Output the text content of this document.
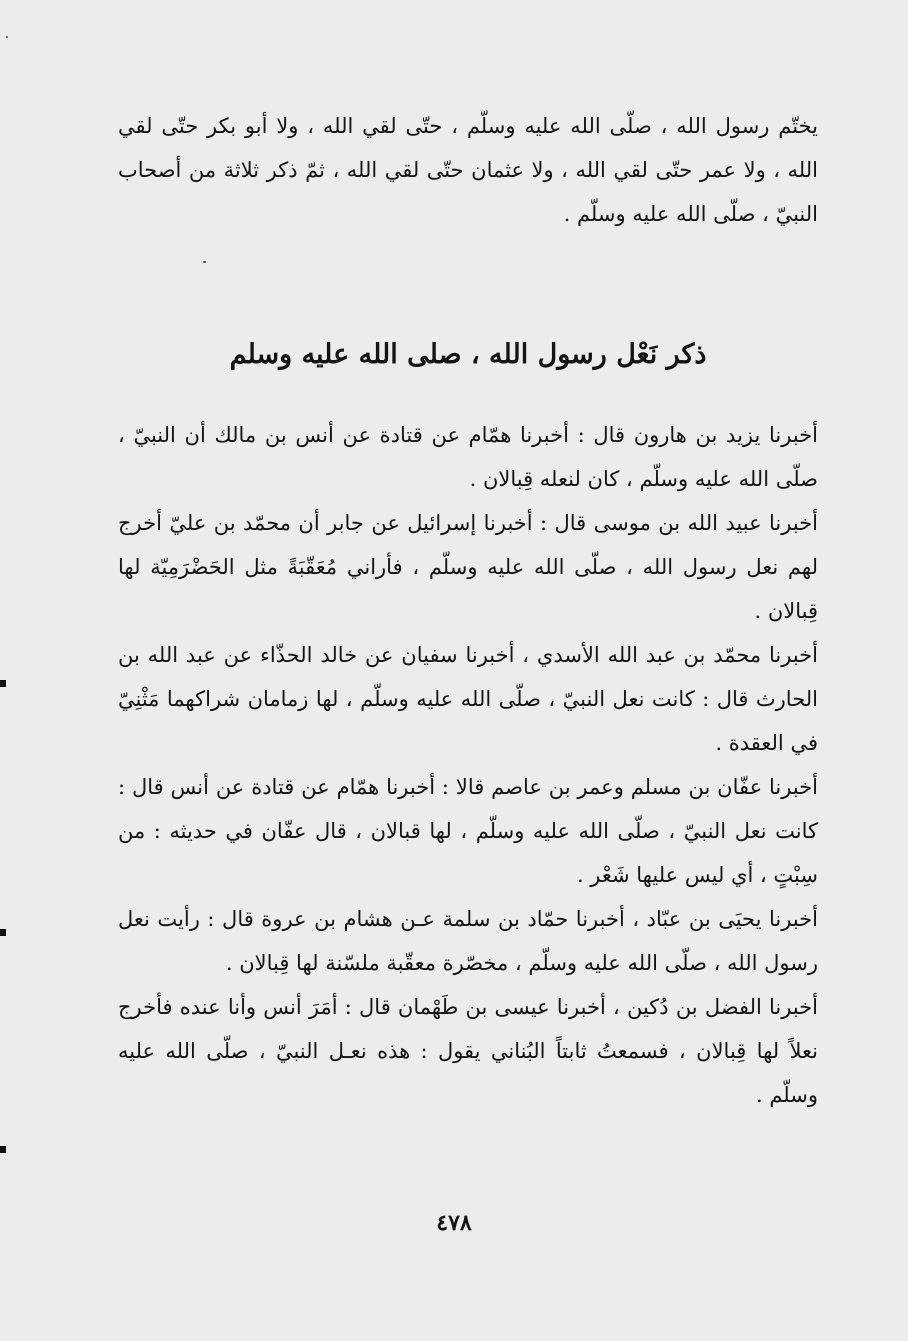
يختّم رسول الله ، صلّى الله عليه وسلّم ، حتّى لقي الله ، ولا أبو بكر حتّى لقي الله ، ولا عمر حتّى لقي الله ، ولا عثمان حتّى لقي الله ، ثمّ ذكر ثلاثة من أصحاب النبيّ ، صلّى الله عليه وسلّم .

ذكر نَعْل رسول الله ، صلى الله عليه وسلم

أخبرنا يزيد بن هارون قال : أخبرنا همّام عن قتادة عن أنس بن مالك أن النبيّ ، صلّى الله عليه وسلّم ، كان لنعله قِبالان .

أخبرنا عبيد الله بن موسى قال : أخبرنا إسرائيل عن جابر أن محمّد بن عليّ أخرج لهم نعل رسول الله ، صلّى الله عليه وسلّم ، فأراني مُعَقّبَةً مثل الحَضْرَمِيّة لها قِبالان .

أخبرنا محمّد بن عبد الله الأسدي ، أخبرنا سفيان عن خالد الحذّاء عن عبد الله بن الحارث قال : كانت نعل النبيّ ، صلّى الله عليه وسلّم ، لها زمامان شراكهما مَثْنِيّ في العقدة .

أخبرنا عفّان بن مسلم وعمر بن عاصم قالا : أخبرنا همّام عن قتادة عن أنس قال : كانت نعل النبيّ ، صلّى الله عليه وسلّم ، لها قبالان ، قال عفّان في حديثه : من سِبْتٍ ، أي ليس عليها شَعْر .

أخبرنا يحيَى بن عبّاد ، أخبرنا حمّاد بن سلمة عـن هشام بن عروة قال : رأيت نعل رسول الله ، صلّى الله عليه وسلّم ، مخصّرة معقّبة ملسّنة لها قِبالان .

أخبرنا الفضل بن دُكين ، أخبرنا عيسى بن طَهْمان قال : أمَرَ أنس وأنا عنده فأخرج نعلاً لها قِبالان ، فسمعتُ ثابتاً البُناني يقول : هذه نعـل النبيّ ، صلّى الله عليه وسلّم .

٤٧٨
